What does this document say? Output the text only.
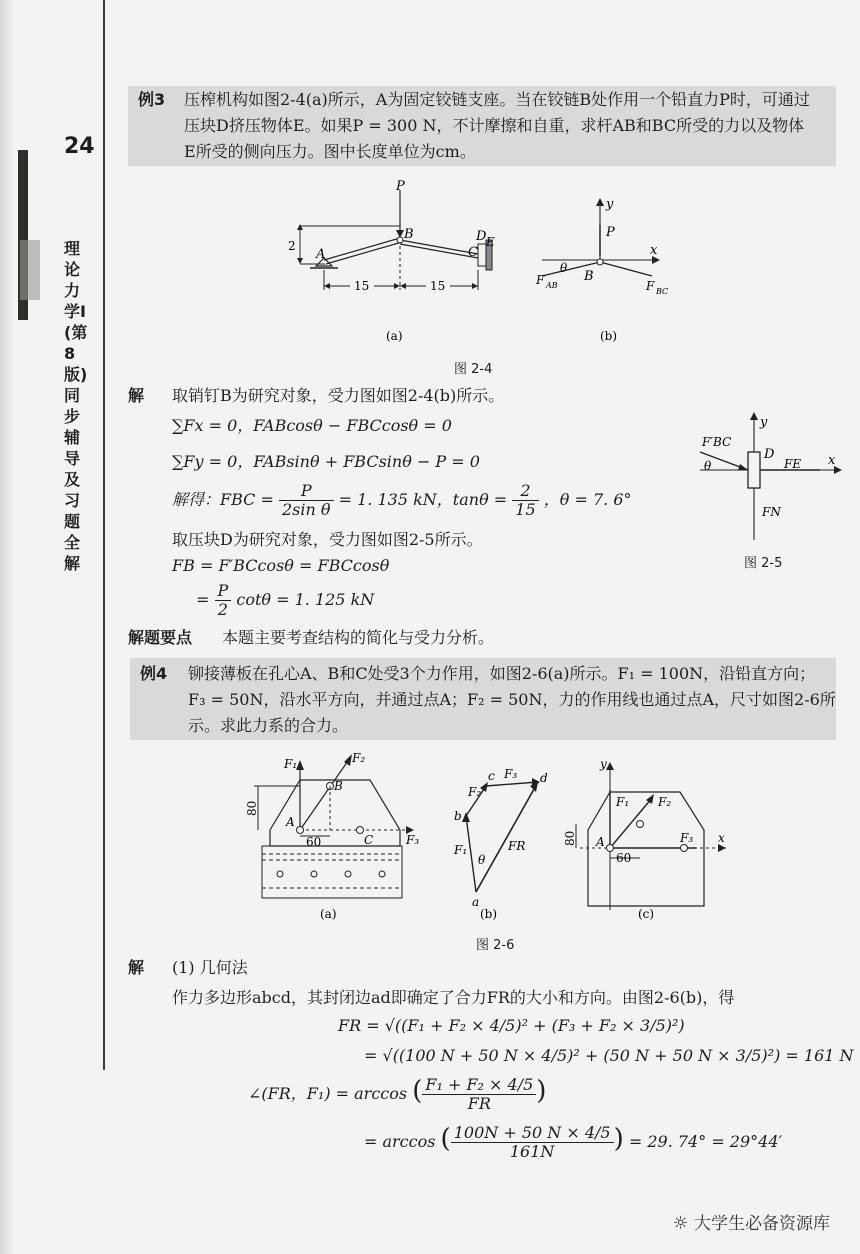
24
理论力学Ⅰ(第8版)同步辅导及习题全解
例3 压榨机构如图2-4(a)所示，A为固定铰链支座。当在铰链B处作用一个铅直力P时，可通过
压块D挤压物体E。如果P = 300 N，不计摩擦和自重，求杆AB和BC所受的力以及物体
E所受的侧向压力。图中长度单位为cm。
2
P
B
A	C
D E
15	15
(a)
y
x
P
B
θ
F AB	F BC
(b)
图 2-4
解 取销钉B为研究对象，受力图如图2-4(b)所示。
∑Fx = 0，FABcosθ − FBCcosθ = 0
∑Fy = 0，FABsinθ + FBCsinθ − P = 0
解得：FBC = $\frac{P}{\text{2sin θ}} = 1$. 135 kN，$\tan\theta = \frac{2}{15}$ ，θ = 7. 6°
取压块D为研究对象，受力图如图2-5所示。
FB = F′BCcosθ = FBCcosθ
= $\frac{P}{2}$ cotθ = 1. 125 kN
y
x
F′BC
θ
D
FE
FN
图 2-5
解题要点 本题主要考查结构的简化与受力分析。
例4 铆接薄板在孔心A、B和C处受3个力作用，如图2-6(a)所示。F₁ = 100N，沿铅直方向；
F₃ = 50N，沿水平方向，并通过点A；F₂ = 50N，力的作用线也通过点A，尺寸如图2-6所
示。求此力系的合力。
F₁	F₂
F₃
A
B
C
80
60
(a)
a
b
c	d
F₁
F₂
F₃
FR
θ
(b)
y
x
F₁ F₂
F₃
A
80
60
(c)
图 2-6
解 (1) 几何法
作力多边形abcd，其封闭边ad即确定了合力FR的大小和方向。由图2-6(b)，得
FR = √((F₁ + F₂ × 4/5)² + (F₃ + F₂ × 3/5)²)
= √((100 N + 50 N × 4/5)² + (50 N + 50 N × 3/5)²) = 161 N
∠(FR，F₁) = arccos ( $\frac{\text{F₁ + F₂ × 4/5}}{FR}$ )
= arccos ( $\frac{100N + 50 N \times 4/5}{161N}$ ) = 29. 74° = 29°44′
☼ 大学生必备资源库
